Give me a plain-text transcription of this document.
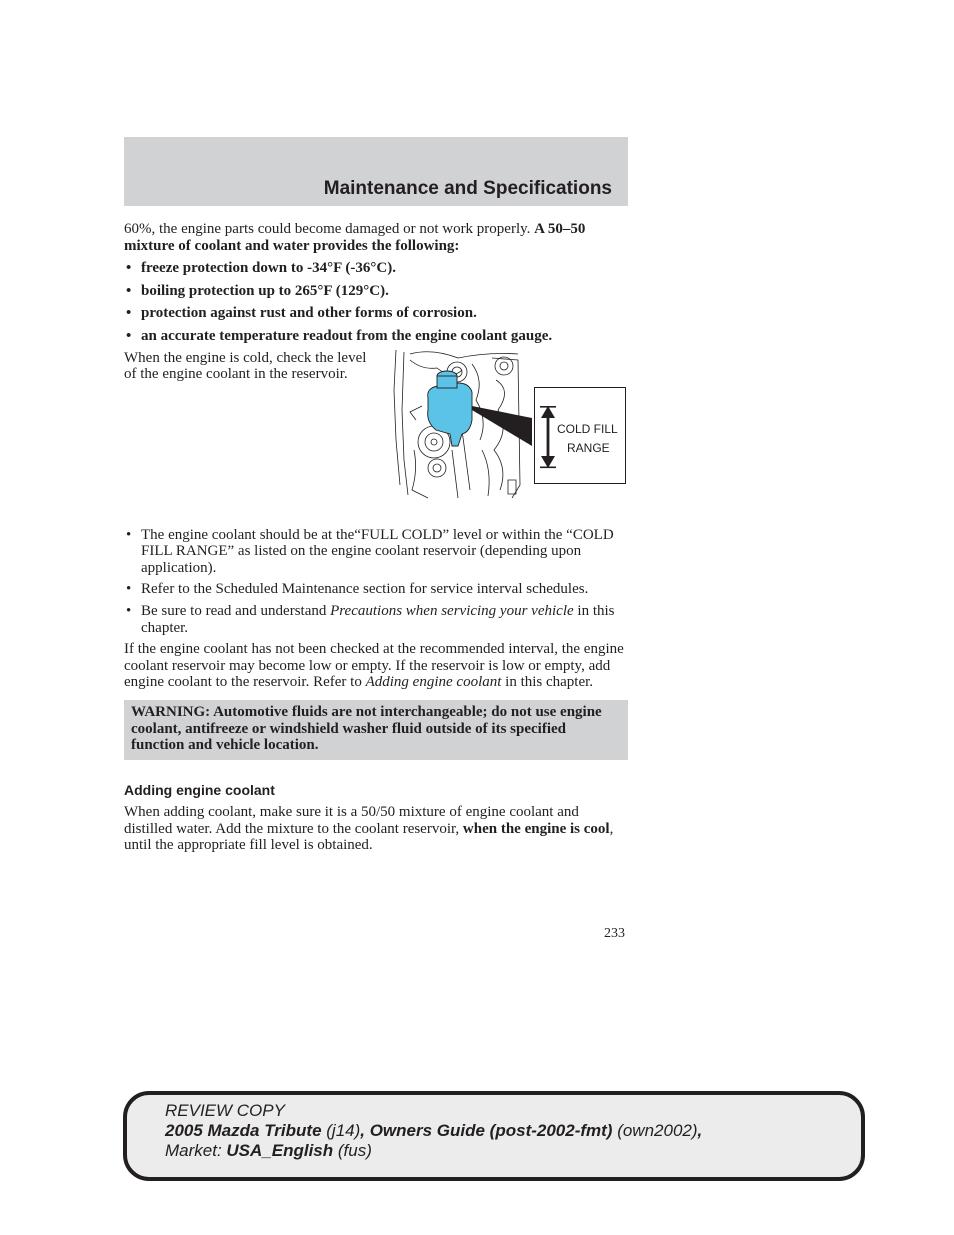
Maintenance and Specifications

60%, the engine parts could become damaged or not work properly. A 50–50 mixture of coolant and water provides the following:

• freeze protection down to -34°F (-36°C).
• boiling protection up to 265°F (129°C).
• protection against rust and other forms of corrosion.
• an accurate temperature readout from the engine coolant gauge.

When the engine is cold, check the level of the engine coolant in the reservoir.

COLD FILL
RANGE
• The engine coolant should be at the“FULL COLD” level or within the “COLD FILL RANGE” as listed on the engine coolant reservoir (depending upon application).
• Refer to the Scheduled Maintenance section for service interval schedules.
• Be sure to read and understand Precautions when servicing your vehicle in this chapter.

If the engine coolant has not been checked at the recommended interval, the engine coolant reservoir may become low or empty. If the reservoir is low or empty, add engine coolant to the reservoir. Refer to Adding engine coolant in this chapter.

WARNING: Automotive fluids are not interchangeable; do not use engine coolant, antifreeze or windshield washer fluid outside of its specified function and vehicle location.

Adding engine coolant

When adding coolant, make sure it is a 50/50 mixture of engine coolant and distilled water. Add the mixture to the coolant reservoir, when the engine is cool, until the appropriate fill level is obtained.

233
REVIEW COPY
2005 Mazda Tribute (j14), Owners Guide (post-2002-fmt) (own2002),
Market: USA_English (fus)
